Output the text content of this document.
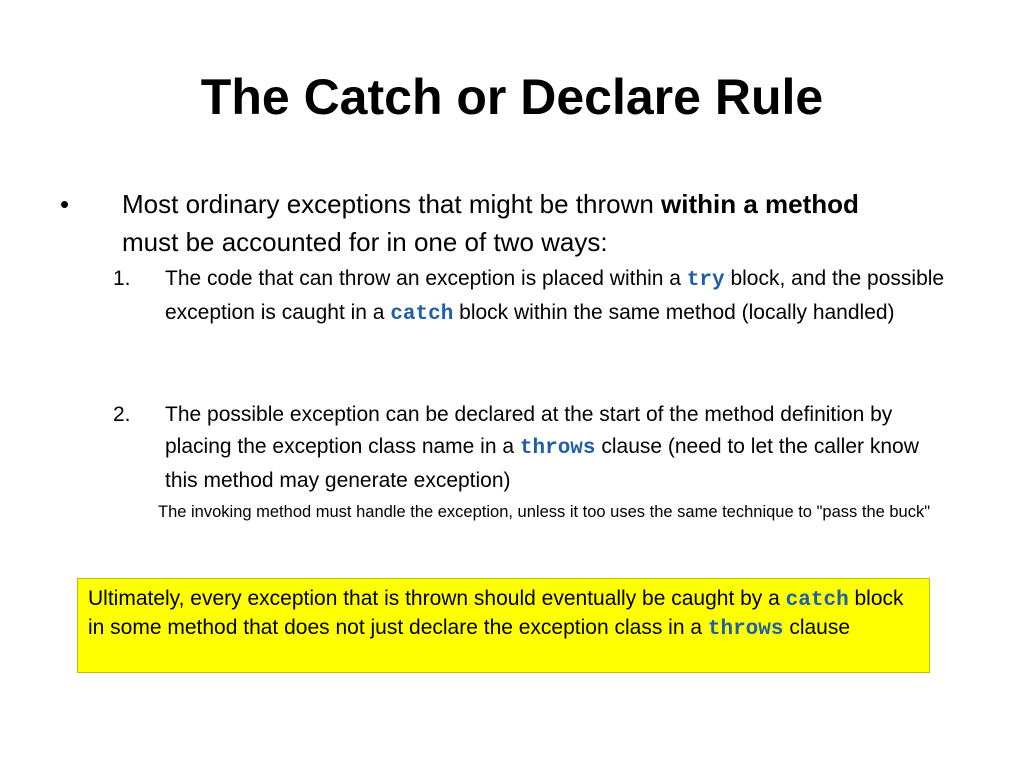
The Catch or Declare Rule
• Most ordinary exceptions that might be thrown within a method must be accounted for in one of two ways:
1. The code that can throw an exception is placed within a try block, and the possible exception is caught in a catch block within the same method (locally handled)
2. The possible exception can be declared at the start of the method definition by placing the exception class name in a throws clause (need to let the caller know this method may generate exception)
The invoking method must handle the exception, unless it too uses the same technique to "pass the buck"
Ultimately, every exception that is thrown should eventually be caught by a catch block in some method that does not just declare the exception class in a throws clause
